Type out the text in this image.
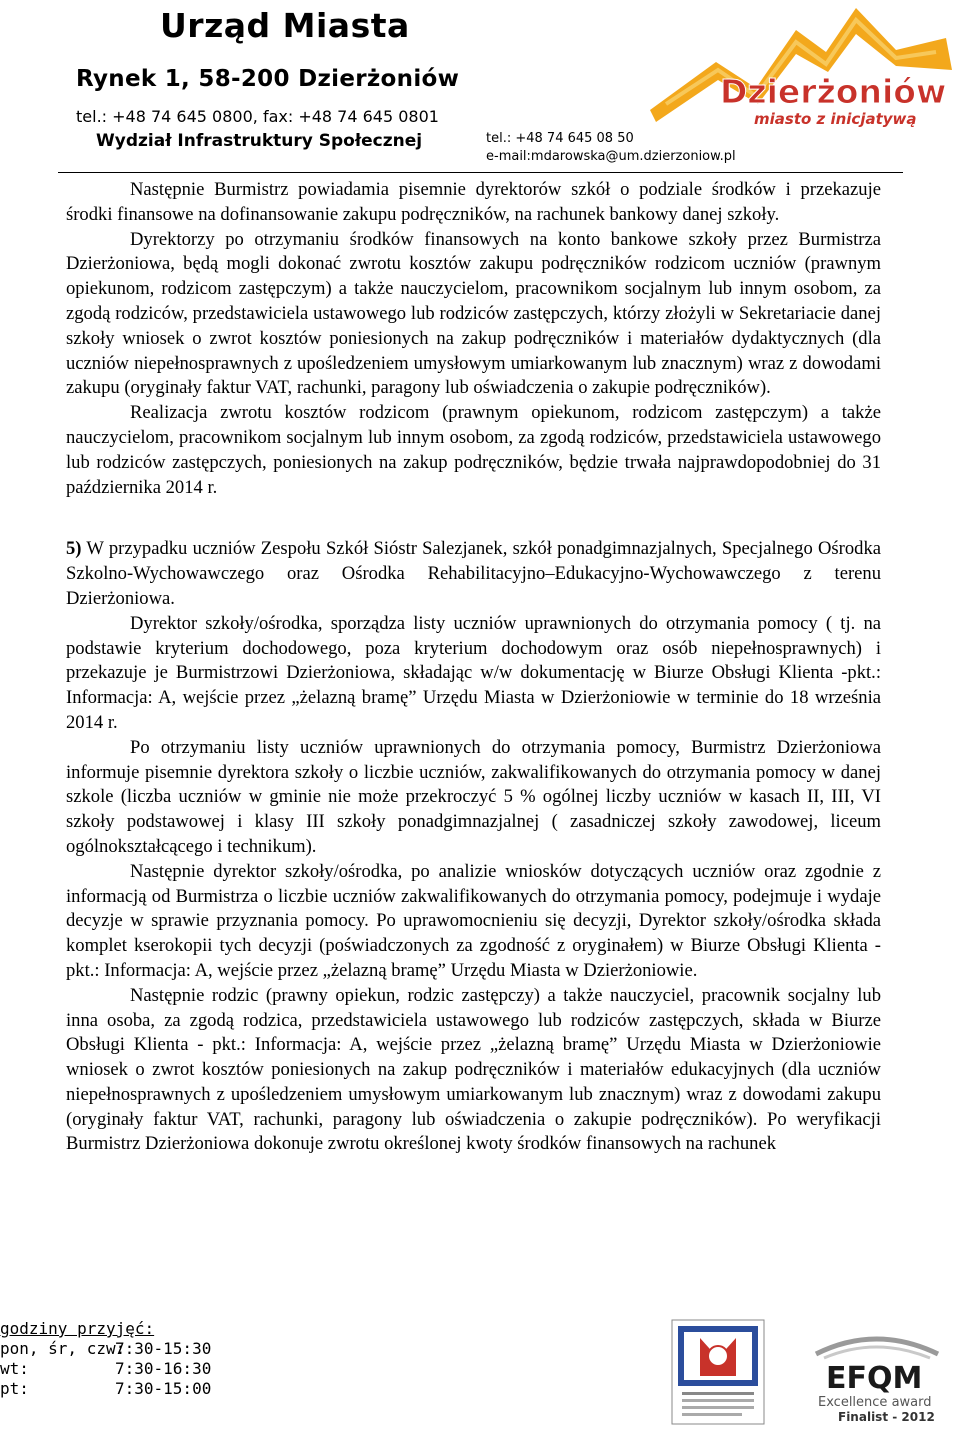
Urząd Miasta
Rynek 1, 58-200 Dzierżoniów
tel.: +48 74 645 0800, fax: +48 74 645 0801
Wydział Infrastruktury Społecznej	tel.: +48 74 645 08 50
e-mail:mdarowska@um.dzierzoniow.pl
Dzierżoniów
miasto z inicjatywą

Następnie Burmistrz powiadamia pisemnie dyrektorów szkół o podziale środków i przekazuje środki finansowe na dofinansowanie zakupu podręczników, na rachunek bankowy danej szkoły.

Dyrektorzy po otrzymaniu środków finansowych na konto bankowe szkoły przez Burmistrza Dzierżoniowa, będą mogli dokonać zwrotu kosztów zakupu podręczników rodzicom uczniów (prawnym opiekunom, rodzicom zastępczym) a także nauczycielom, pracownikom socjalnym lub innym osobom, za zgodą rodziców, przedstawiciela ustawowego lub rodziców zastępczych, którzy złożyli w Sekretariacie danej szkoły wniosek o zwrot kosztów poniesionych na zakup podręczników i materiałów dydaktycznych (dla uczniów niepełnosprawnych z upośledzeniem umysłowym umiarkowanym lub znacznym) wraz z dowodami zakupu (oryginały faktur VAT, rachunki, paragony lub oświadczenia o zakupie podręczników).

Realizacja zwrotu kosztów rodzicom (prawnym opiekunom, rodzicom zastępczym) a także nauczycielom, pracownikom socjalnym lub innym osobom, za zgodą rodziców, przedstawiciela ustawowego lub rodziców zastępczych, poniesionych na zakup podręczników, będzie trwała najprawdopodobniej do 31 października 2014 r.

5) W przypadku uczniów Zespołu Szkół Sióstr Salezjanek, szkół ponadgimnazjalnych, Specjalnego Ośrodka Szkolno-Wychowawczego oraz Ośrodka Rehabilitacyjno–Edukacyjno-Wychowawczego z terenu Dzierżoniowa.

Dyrektor szkoły/ośrodka, sporządza listy uczniów uprawnionych do otrzymania pomocy ( tj. na podstawie kryterium dochodowego, poza kryterium dochodowym oraz osób niepełnosprawnych) i przekazuje je Burmistrzowi Dzierżoniowa, składając w/w dokumentację w Biurze Obsługi Klienta -pkt.: Informacja: A, wejście przez „żelazną bramę” Urzędu Miasta w Dzierżoniowie w terminie do 18 września 2014 r.

Po otrzymaniu listy uczniów uprawnionych do otrzymania pomocy, Burmistrz Dzierżoniowa informuje pisemnie dyrektora szkoły o liczbie uczniów, zakwalifikowanych do otrzymania pomocy w danej szkole (liczba uczniów w gminie nie może przekroczyć 5 % ogólnej liczby uczniów w kasach II, III, VI szkoły podstawowej i klasy III szkoły ponadgimnazjalnej ( zasadniczej szkoły zawodowej, liceum ogólnokształcącego i technikum).

Następnie dyrektor szkoły/ośrodka, po analizie wniosków dotyczących uczniów oraz zgodnie z informacją od Burmistrza o liczbie uczniów zakwalifikowanych do otrzymania pomocy, podejmuje i wydaje decyzje w sprawie przyznania pomocy. Po uprawomocnieniu się decyzji, Dyrektor szkoły/ośrodka składa komplet kserokopii tych decyzji (poświadczonych za zgodność z oryginałem) w Biurze Obsługi Klienta -pkt.: Informacja: A, wejście przez „żelazną bramę” Urzędu Miasta w Dzierżoniowie.

Następnie rodzic (prawny opiekun, rodzic zastępczy) a także nauczyciel, pracownik socjalny lub inna osoba, za zgodą rodzica, przedstawiciela ustawowego lub rodziców zastępczych, składa w Biurze Obsługi Klienta - pkt.: Informacja: A, wejście przez „żelazną bramę” Urzędu Miasta w Dzierżoniowie wniosek o zwrot kosztów poniesionych na zakup podręczników i materiałów edukacyjnych (dla uczniów niepełnosprawnych z upośledzeniem umysłowym umiarkowanym lub znacznym) wraz z dowodami zakupu (oryginały faktur VAT, rachunki, paragony lub oświadczenia o zakupie podręczników). Po weryfikacji Burmistrz Dzierżoniowa dokonuje zwrotu określonej kwoty środków finansowych na rachunek

godziny przyjęć:
pon, śr, czw:
7:30-15:30
wt:	7:30-16:30
pt:	7:30-15:00	EFQM
Excellence award
Finalist - 2012
